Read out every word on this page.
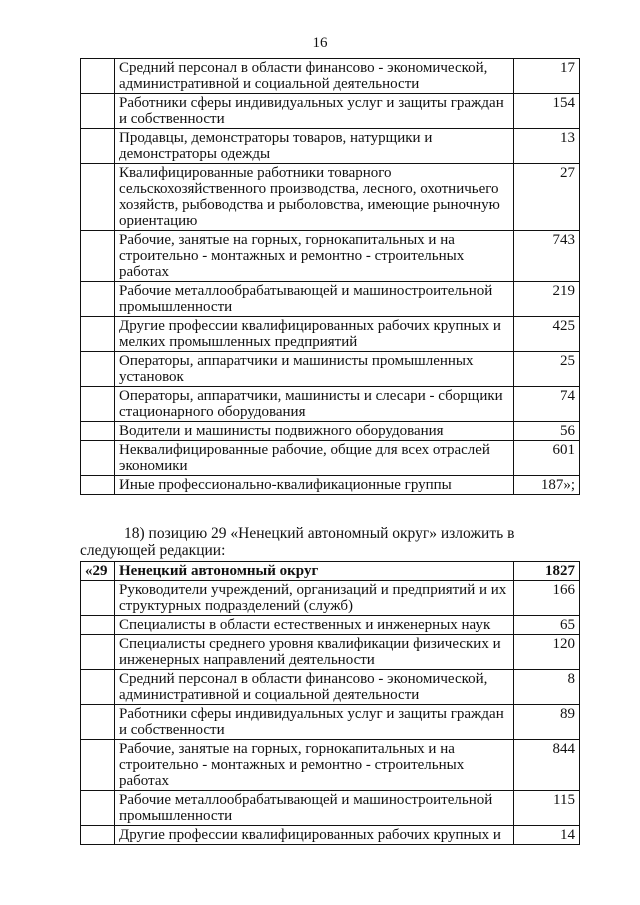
16
	Средний персонал в области финансово - экономической, административной и социальной деятельности	17
	Работники сферы индивидуальных услуг и защиты граждан и собственности	154
	Продавцы, демонстраторы товаров, натурщики и демонстраторы одежды	13
	Квалифицированные работники товарного сельскохозяйственного производства, лесного, охотничьего хозяйств, рыбоводства и рыболовства, имеющие рыночную ориентацию	27
	Рабочие, занятые на горных, горнокапитальных и на строительно - монтажных и ремонтно - строительных работах	743
	Рабочие металлообрабатывающей и машиностроительной промышленности	219
	Другие профессии квалифицированных рабочих крупных и мелких промышленных предприятий	425
	Операторы, аппаратчики и машинисты промышленных установок	25
	Операторы, аппаратчики, машинисты и слесари - сборщики стационарного оборудования	74
	Водители и машинисты подвижного оборудования	56
	Неквалифицированные рабочие, общие для всех отраслей экономики	601
	Иные профессионально-квалификационные группы	187»;
18) позицию 29 «Ненецкий автономный округ» изложить в следующей редакции:
«29	Ненецкий автономный округ	1827
	Руководители учреждений, организаций и предприятий и их структурных подразделений (служб)	166
	Специалисты в области естественных и инженерных наук	65
	Специалисты среднего уровня квалификации физических и инженерных направлений деятельности	120
	Средний персонал в области финансово - экономической, административной и социальной деятельности	8
	Работники сферы индивидуальных услуг и защиты граждан и собственности	89
	Рабочие, занятые на горных, горнокапитальных и на строительно - монтажных и ремонтно - строительных работах	844
	Рабочие металлообрабатывающей и машиностроительной промышленности	115
	Другие профессии квалифицированных рабочих крупных и	14
